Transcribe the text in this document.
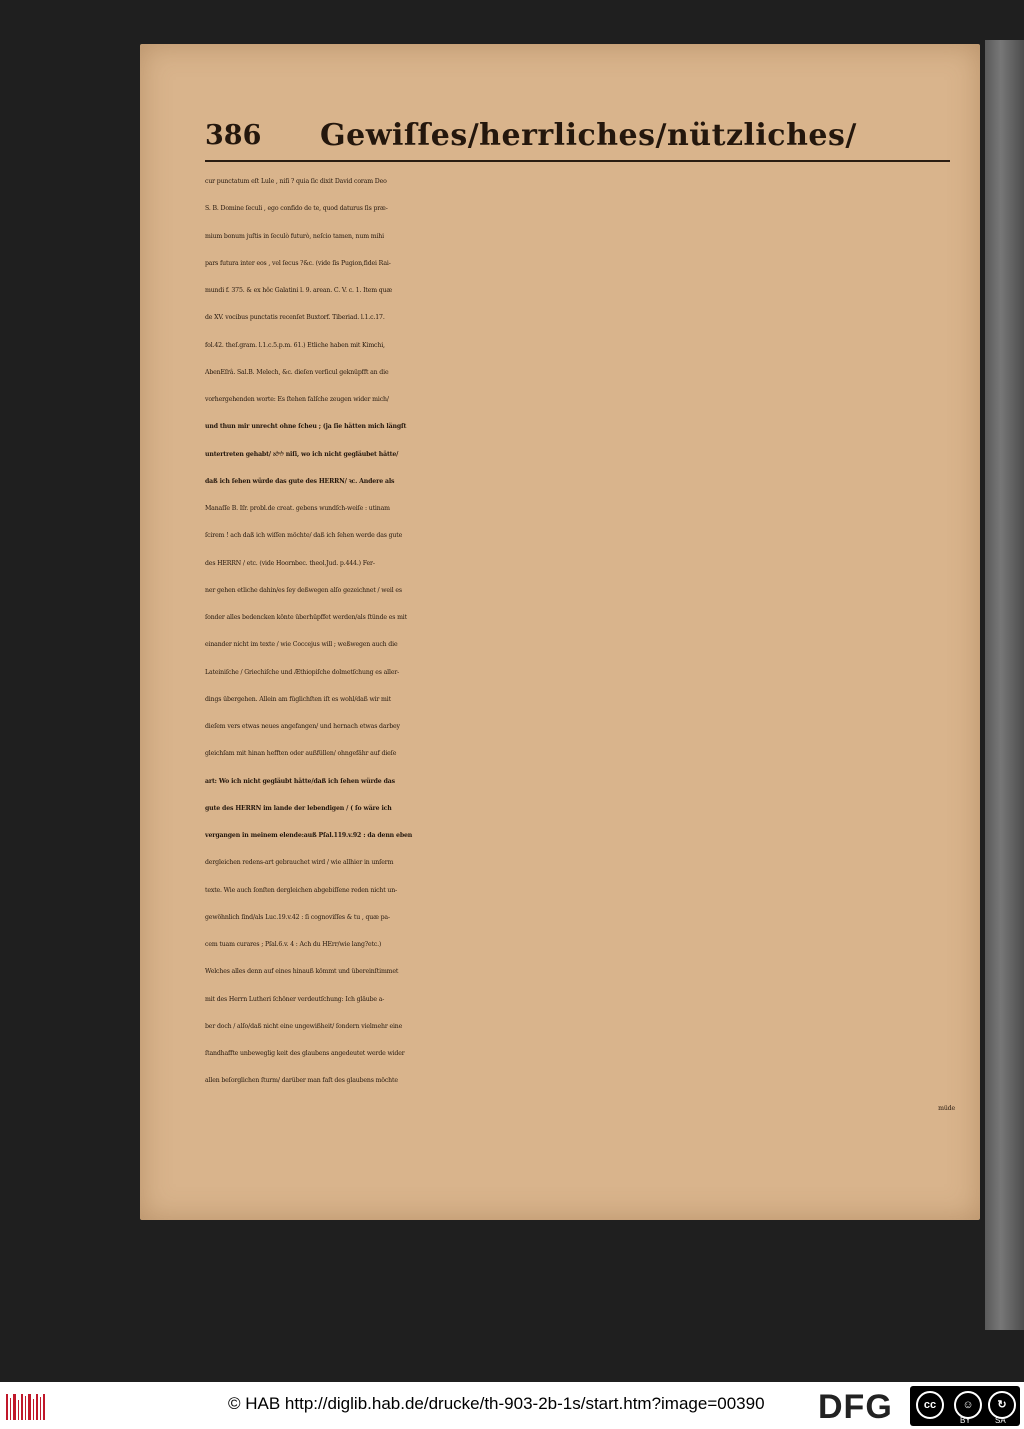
386 Gewiſſes/herrliches/nützliches/
cur punctatum eſt Lule , niſi ? quia ſic dixit David coram Deo
S. B. Domine ſeculi , ego confido de te, quod daturus ſis præ-
mium bonum juſtis in ſeculò futurò, neſcio tamen, num mihi
pars futura inter eos , vel ſecus ?&c. (vide ſis Pugion,fidei Rai-
mundi f. 375. & ex hôc Galatini l. 9. arean. C. V. c. 1. Item quæ
de XV. vocibus punctatis recenſet Buxtorf. Tiberiad. l.1.c.17.
fol.42. theſ.gram. l.1.c.5.p.m. 61.) Etliche haben mit Kimchi,
AbenEſrâ. Sal.B. Melech, &c. dieſen verſicul geknüpfft an die
vorhergehenden worte: Es ſtehen falſche zeugen wider mich/
und thun mir unrecht ohne ſcheu ; (ja ſie hätten mich längſt
untertreten gehabt/ לולא niſi, wo ich nicht gegläubet hätte/
daß ich ſehen würde das gute des HERRN/ ꝛc. Andere als
Manaſſe B. Iſr. probl.de creat. gebens wundſch-weiſe : utinam
ſcirem ! ach daß ich wiſſen möchte/ daß ich ſehen werde das gute
des HERRN / etc. (vide Hoornbec. theol.Jud. p.444.) Fer-
ner gehen etliche dahin/es ſey deßwegen alſo gezeichnet / weil es
ſonder alles bedencken könte überhüpffet werden/als ſtünde es mit
einander nicht im texte / wie Coccejus will ; weßwegen auch die
Lateiniſche / Griechiſche und Æthiopiſche dolmetſchung es aller-
dings übergehen. Allein am füglichſten iſt es wohl/daß wir mit
dieſem vers etwas neues angefangen/ und hernach etwas darbey
gleichſam mit hinan hefften oder außfüllen/ ohngefähr auf dieſe
art: Wo ich nicht gegläubt hätte/daß ich ſehen würde das
gute des HERRN im lande der lebendigen / ( ſo wäre ich
vergangen in meinem elende:auß Pſal.119.v.92 : da denn eben
dergleichen redens-art gebrauchet wird / wie allhier in unſerm
textе. Wie auch ſonſten dergleichen abgebiſſene reden nicht un-
gewöhnlich ſind/als Luc.19.v.42 : ſi cognoviſſes & tu , quæ pa-
cem tuam curares ; Pſal.6.v. 4 : Ach du HErr/wie lang?etc.)
Welches alles denn auf eines hinauß kömmt und übereinſtimmet
mit des Herrn Lutheri ſchöner verdeutſchung: Ich gläube a-
ber doch / alſo/daß nicht eine ungewißheit/ ſondern vielmehr eine
ſtandhaffte unbeweglig keit des glaubens angedeutet werde wider
allen beſorglichen ſturm/ darüber man faſt des glaubens möchte
müde
© HAB http://diglib.hab.de/drucke/th-903-2b-1s/start.htm?image=00390 DFG	cc	☺	↻
BY	SA
